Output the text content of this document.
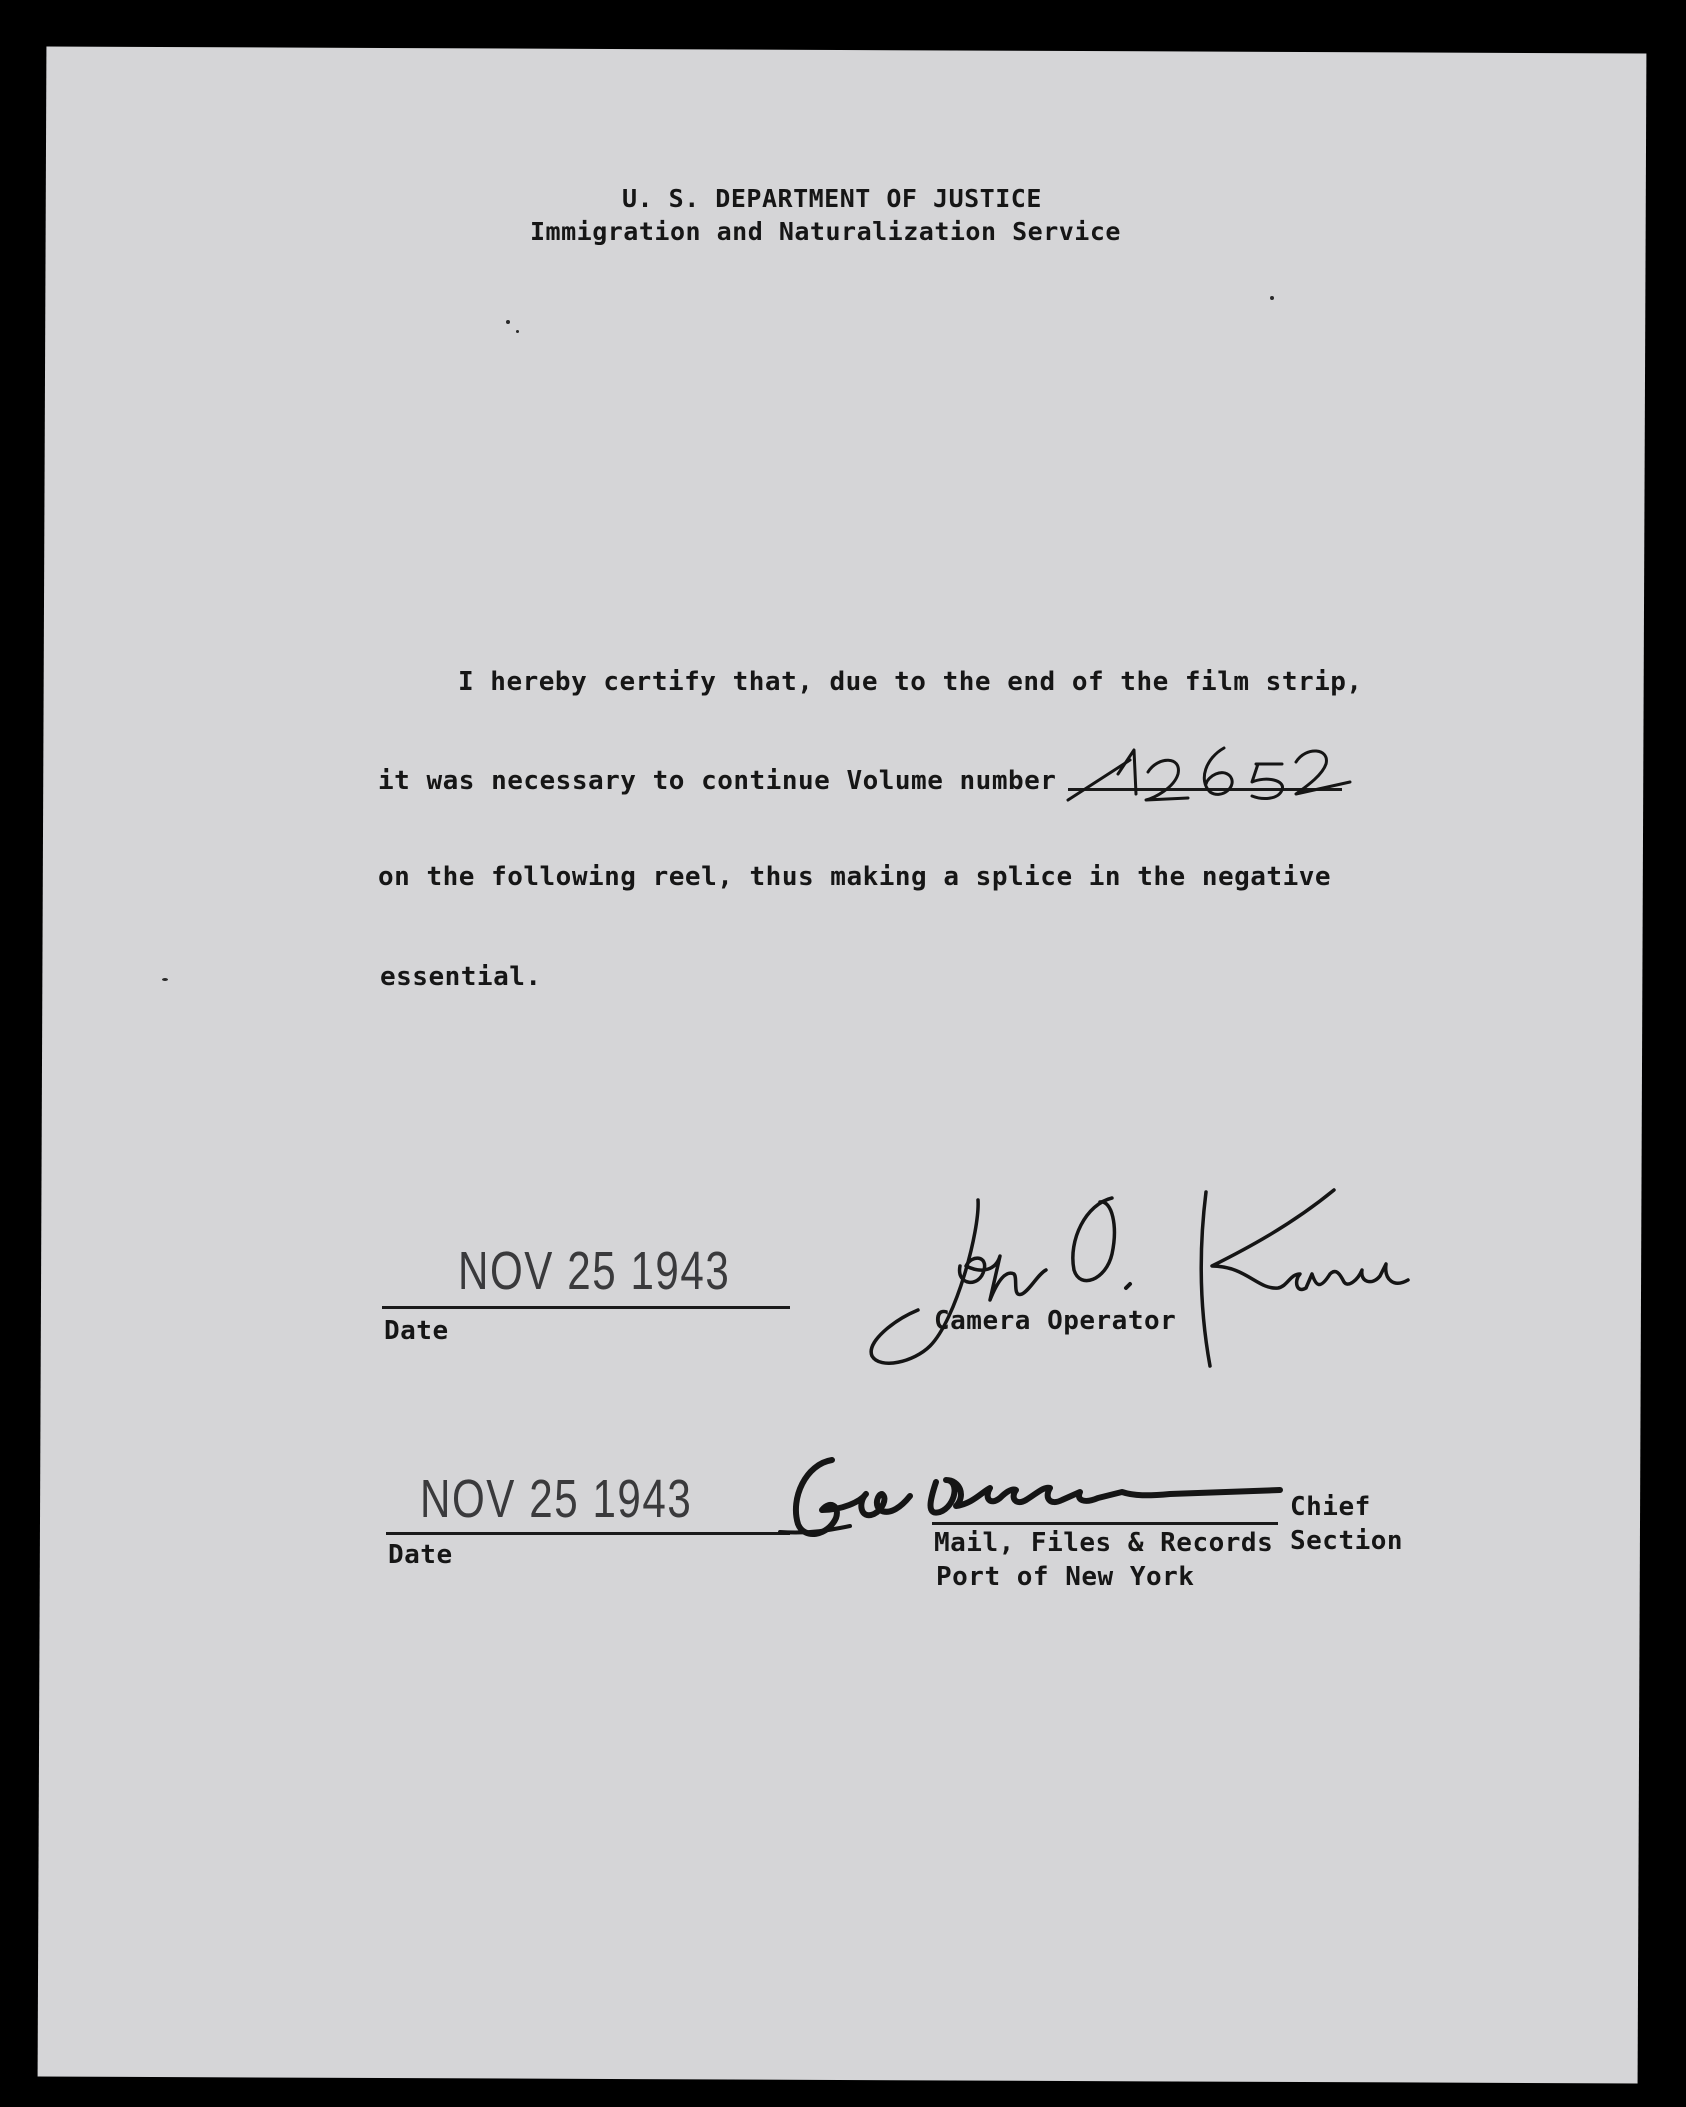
U. S. DEPARTMENT OF JUSTICE
Immigration and Naturalization Service
I hereby certify that, due to the end of the film strip,
it was necessary to continue Volume number
on the following reel, thus making a splice in the negative
essential.
NOV 25 1943
Date	Camera Operator
NOV 25 1943
Date
Chief
Section
Mail, Files & Records
Port of New York
